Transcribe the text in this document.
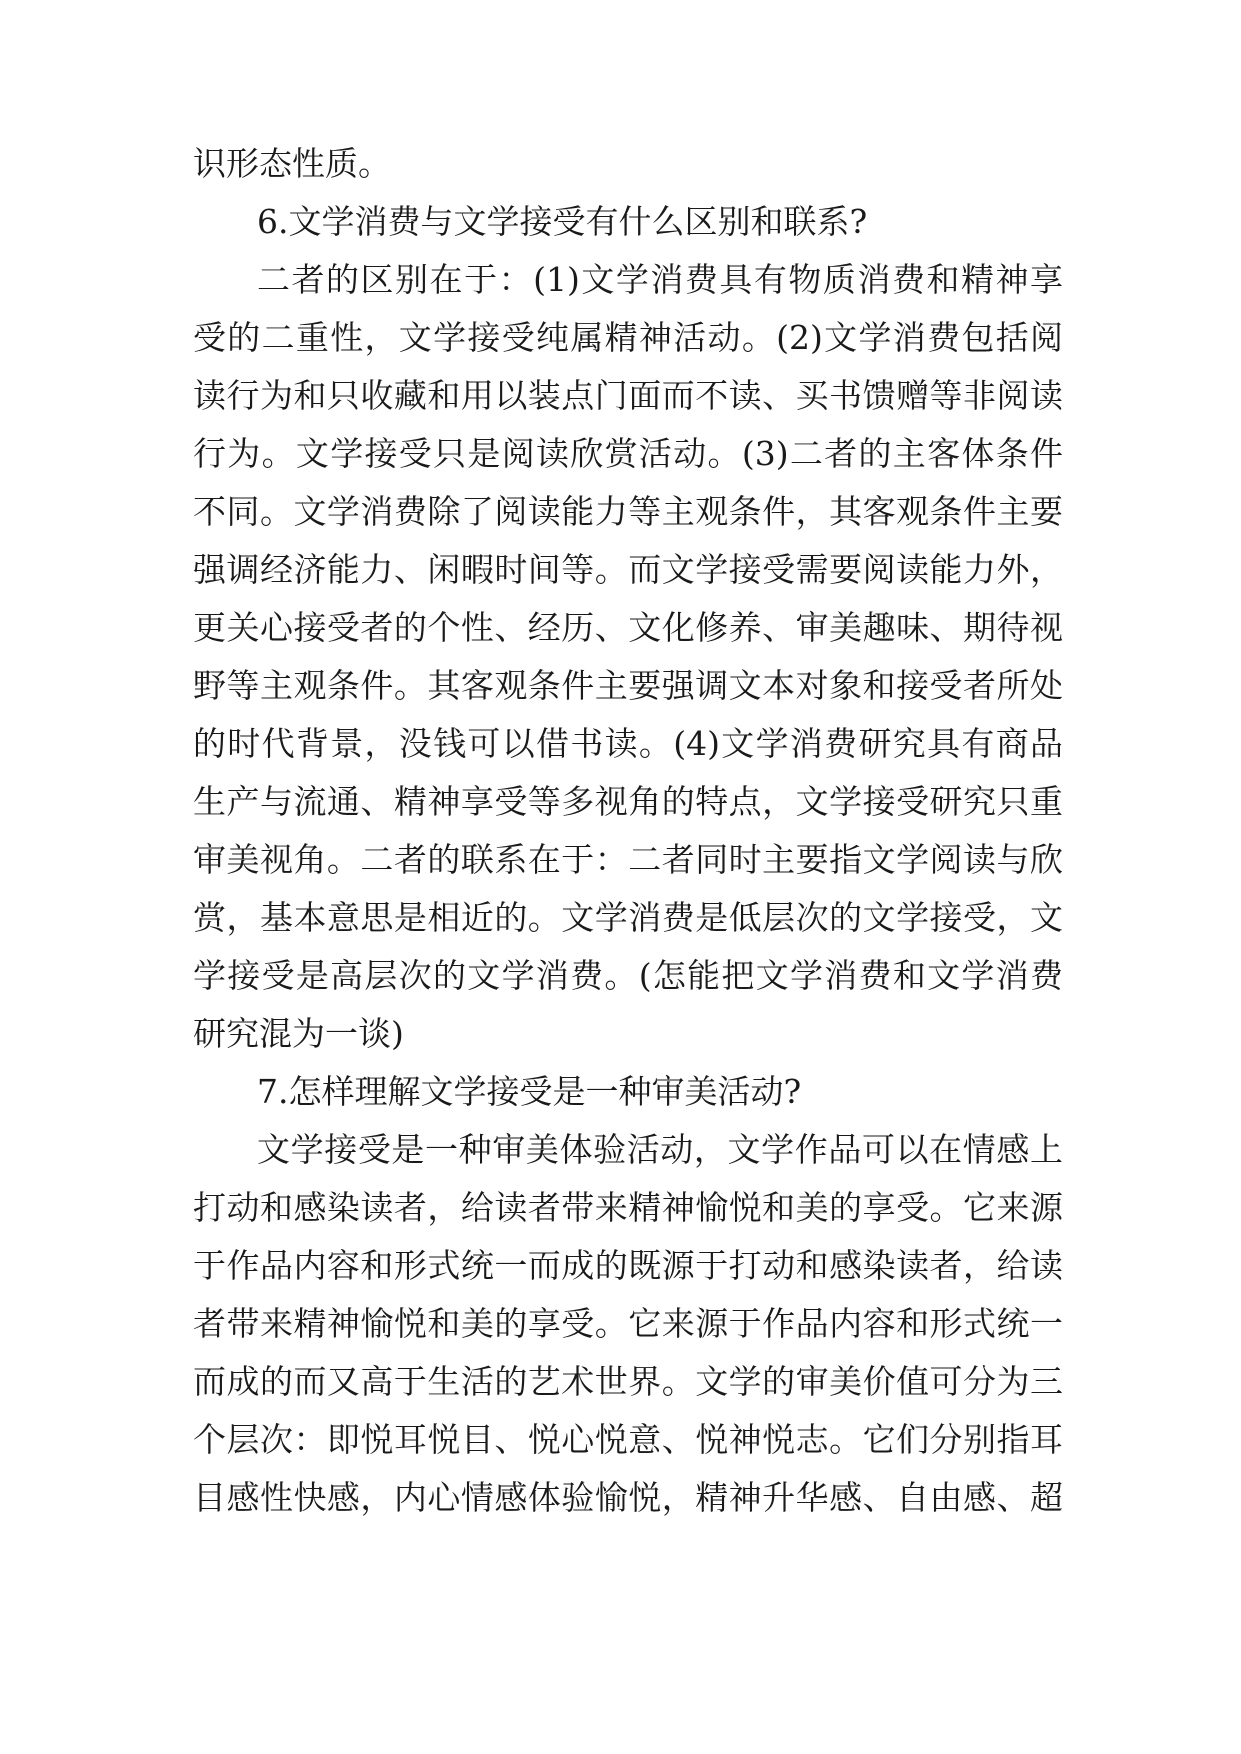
识形态性质。
6.文学消费与文学接受有什么区别和联系?
二者的区别在于：(1)文学消费具有物质消费和精神享
受的二重性，文学接受纯属精神活动。(2)文学消费包括阅
读行为和只收藏和用以装点门面而不读、买书馈赠等非阅读
行为。文学接受只是阅读欣赏活动。(3)二者的主客体条件
不同。文学消费除了阅读能力等主观条件，其客观条件主要
强调经济能力、闲暇时间等。而文学接受需要阅读能力外，
更关心接受者的个性、经历、文化修养、审美趣味、期待视
野等主观条件。其客观条件主要强调文本对象和接受者所处
的时代背景，没钱可以借书读。(4)文学消费研究具有商品
生产与流通、精神享受等多视角的特点，文学接受研究只重
审美视角。二者的联系在于：二者同时主要指文学阅读与欣
赏，基本意思是相近的。文学消费是低层次的文学接受，文
学接受是高层次的文学消费。(怎能把文学消费和文学消费
研究混为一谈)
7.怎样理解文学接受是一种审美活动?
文学接受是一种审美体验活动，文学作品可以在情感上
打动和感染读者，给读者带来精神愉悦和美的享受。它来源
于作品内容和形式统一而成的既源于打动和感染读者，给读
者带来精神愉悦和美的享受。它来源于作品内容和形式统一
而成的而又高于生活的艺术世界。文学的审美价值可分为三
个层次：即悦耳悦目、悦心悦意、悦神悦志。它们分别指耳
目感性快感，内心情感体验愉悦，精神升华感、自由感、超
